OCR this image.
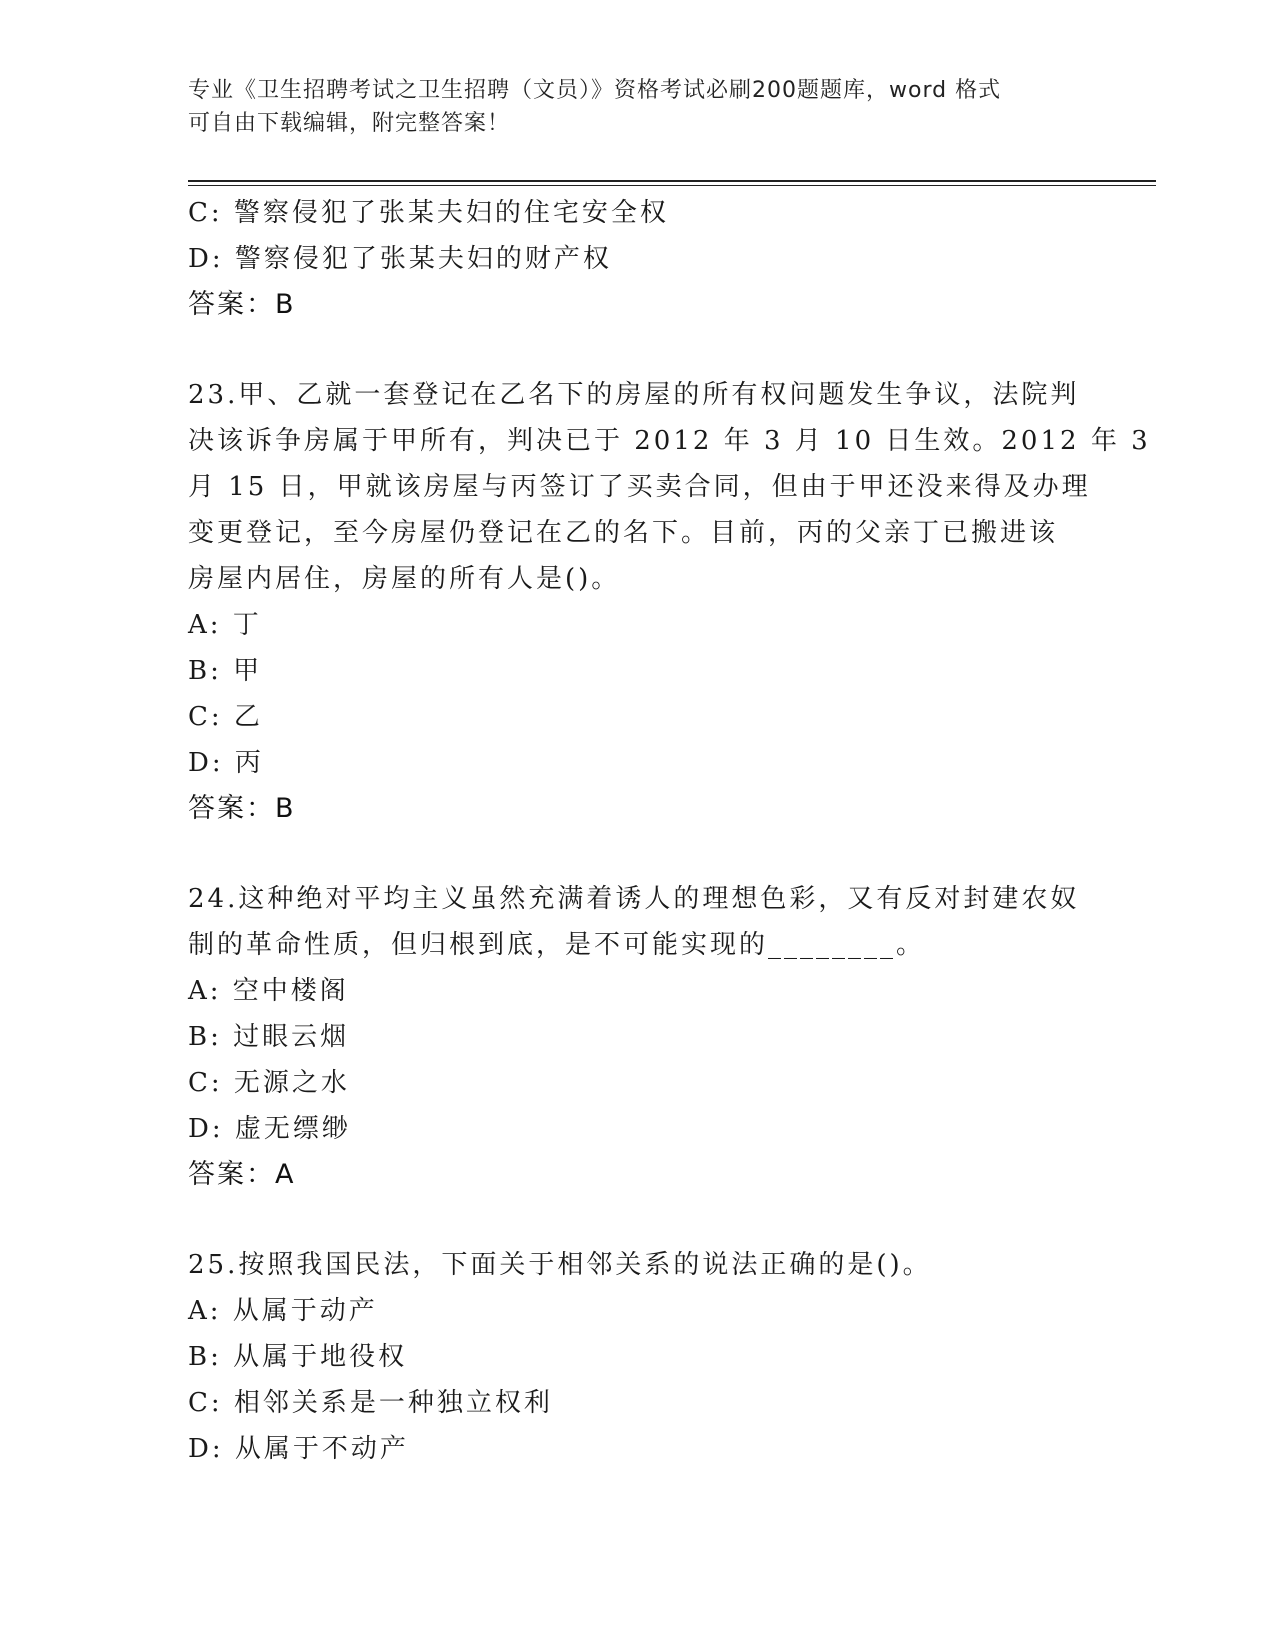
专业《卫生招聘考试之卫生招聘（文员）》资格考试必刷200题题库，word 格式
可自由下载编辑，附完整答案！
C: 警察侵犯了张某夫妇的住宅安全权
D: 警察侵犯了张某夫妇的财产权
答案：B
23.甲、乙就一套登记在乙名下的房屋的所有权问题发生争议，法院判
决该诉争房属于甲所有，判决已于 2012 年 3 月 10 日生效。2012 年 3
月 15 日，甲就该房屋与丙签订了买卖合同，但由于甲还没来得及办理
变更登记，至今房屋仍登记在乙的名下。目前，丙的父亲丁已搬进该
房屋内居住，房屋的所有人是()。
A: 丁
B: 甲
C: 乙
D: 丙
答案：B
24.这种绝对平均主义虽然充满着诱人的理想色彩，又有反对封建农奴
制的革命性质，但归根到底，是不可能实现的________。
A: 空中楼阁
B: 过眼云烟
C: 无源之水
D: 虚无缥缈
答案：A
25.按照我国民法，下面关于相邻关系的说法正确的是()。
A: 从属于动产
B: 从属于地役权
C: 相邻关系是一种独立权利
D: 从属于不动产
